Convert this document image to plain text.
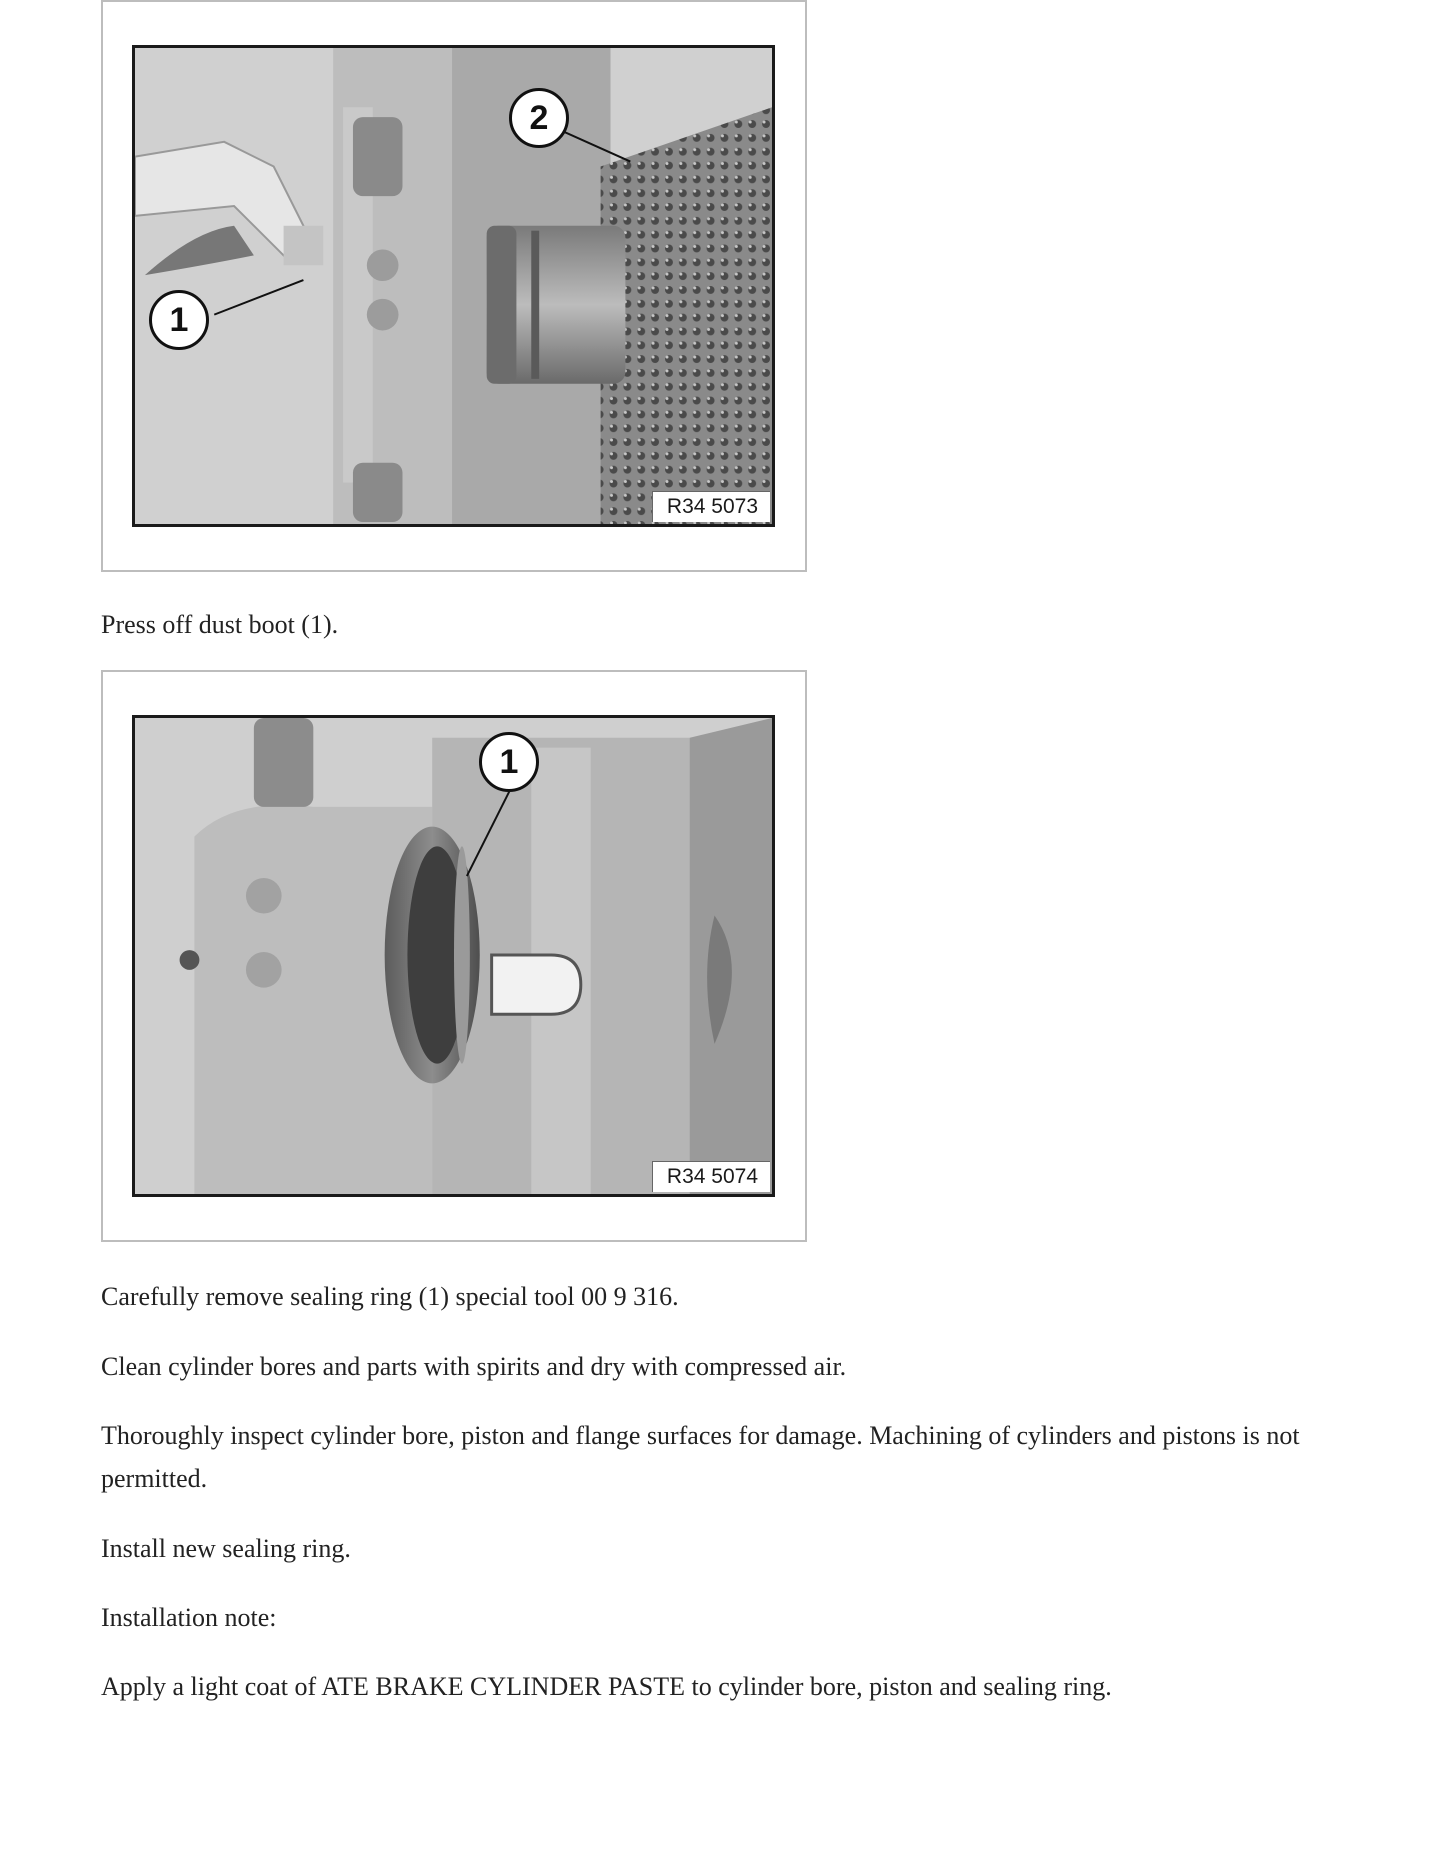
1
2
R34 5073

Press off dust boot (1).

1
R34 5074

Carefully remove sealing ring (1) special tool 00 9 316.

Clean cylinder bores and parts with spirits and dry with compressed air.

Thoroughly inspect cylinder bore, piston and flange surfaces for damage. Machining of cylinders and pistons is not permitted.

Install new sealing ring.

Installation note:

Apply a light coat of ATE BRAKE CYLINDER PASTE to cylinder bore, piston and sealing ring.
